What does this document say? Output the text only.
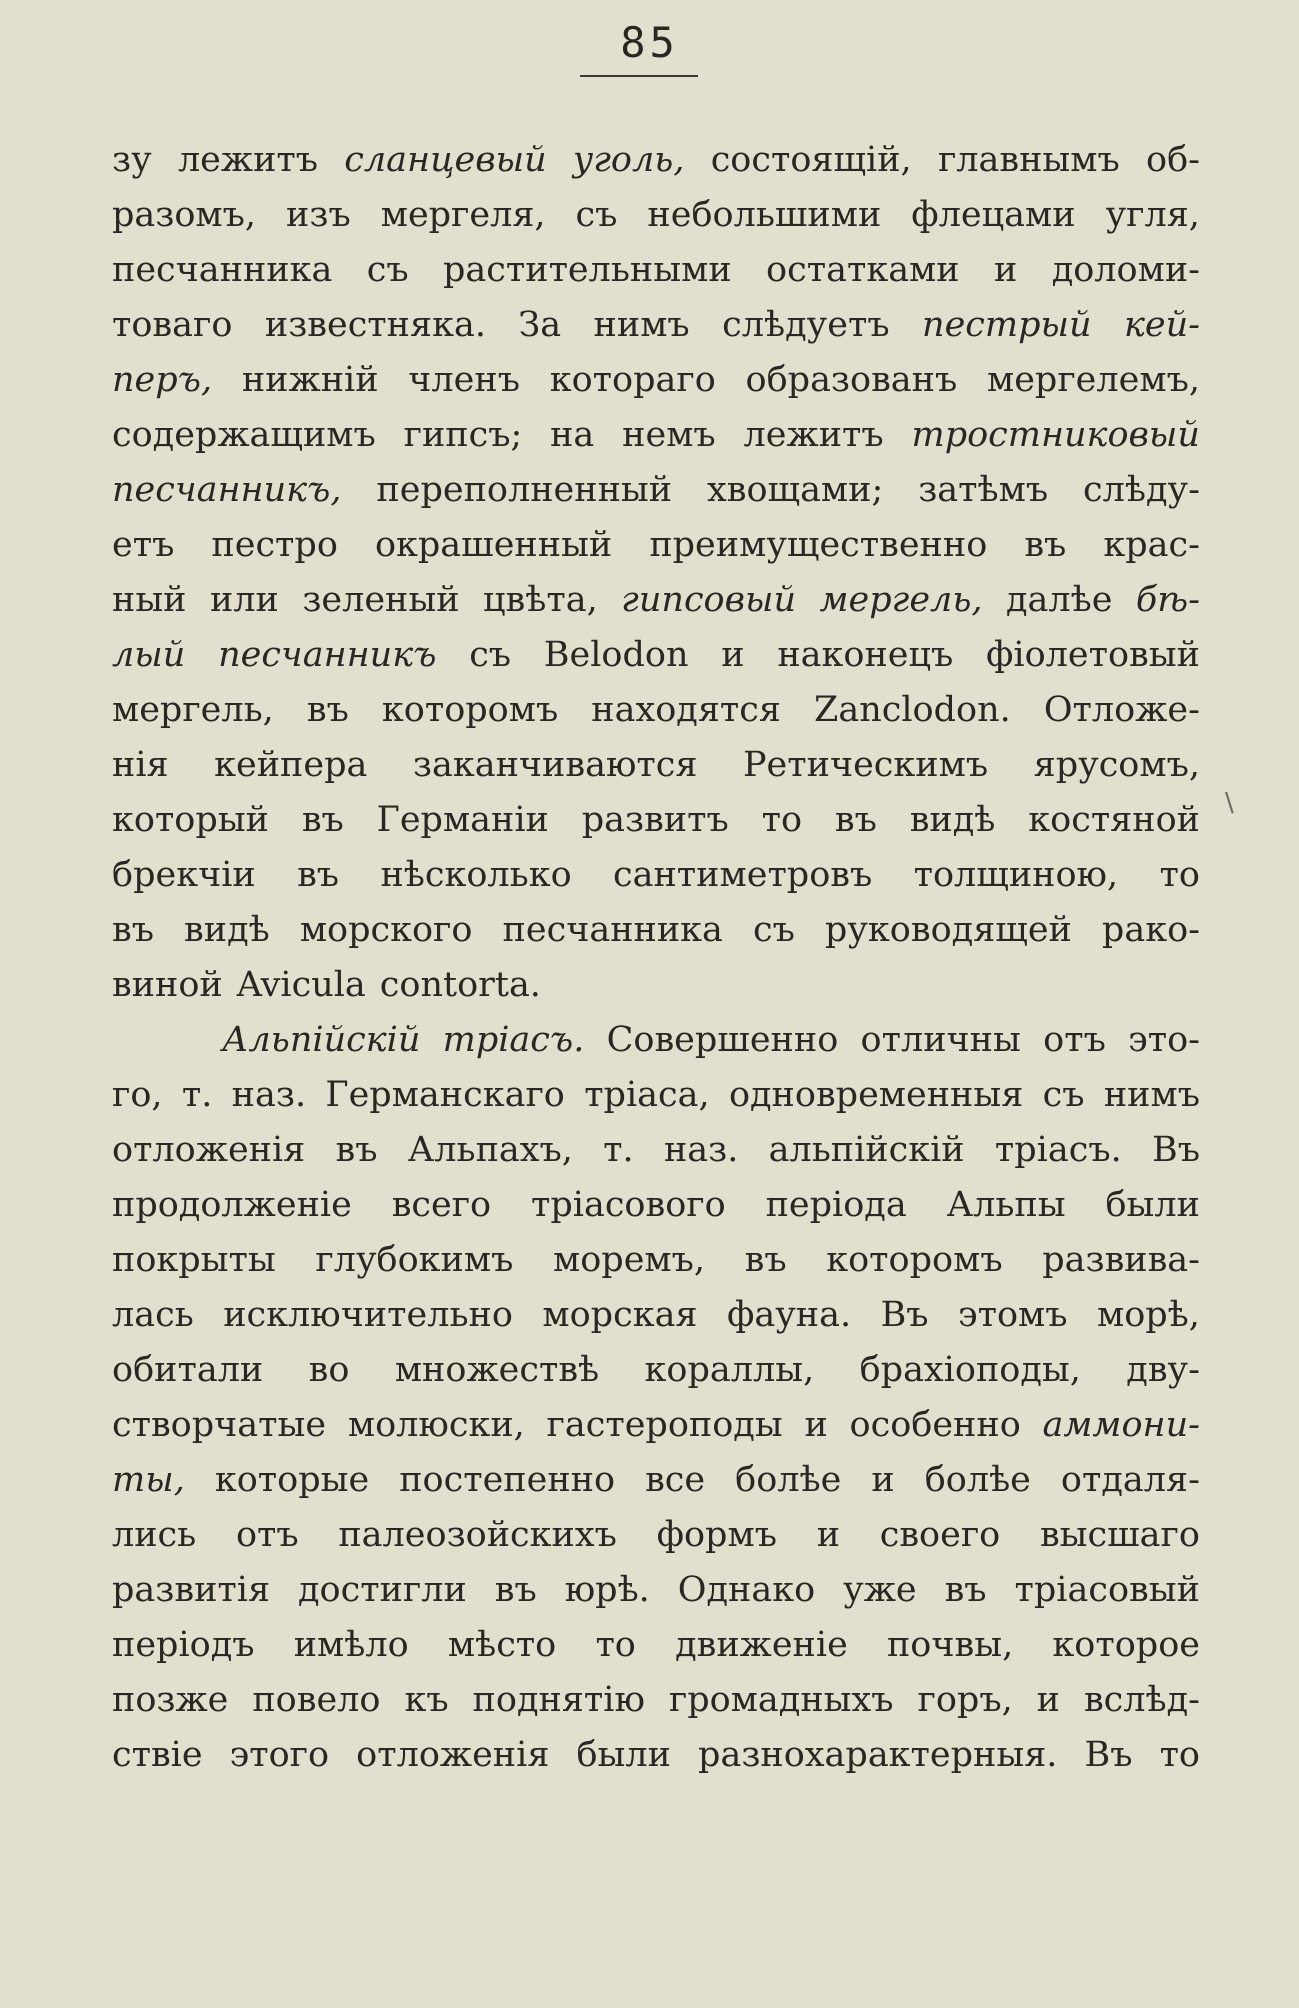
85
зу лежитъ сланцевый уголь, состоящій, главнымъ об-
разомъ, изъ мергеля, съ небольшими флецами угля,
песчанника съ растительными остатками и доломи-
товаго известняка. За нимъ слѣдуетъ пестрый кей-
перъ, нижній членъ котораго образованъ мергелемъ,
содержащимъ гипсъ; на немъ лежитъ тростниковый
песчанникъ, переполненный хвощами; затѣмъ слѣду-
етъ пестро окрашенный преимущественно въ крас-
ный или зеленый цвѣта, гипсовый мергель, далѣе бѣ-
лый песчанникъ съ Belodon и наконецъ фіолетовый
мергель, въ которомъ находятся Zanclodon. Отложе-
нія кейпера заканчиваются Ретическимъ ярусомъ,
который въ Германіи развитъ то въ видѣ костяной
брекчіи въ нѣсколько сантиметровъ толщиною, то
въ видѣ морского песчанника съ руководящей рако-
виной Avicula contorta.
Альпійскій тріасъ. Совершенно отличны отъ это-
го, т. наз. Германскаго тріаса, одновременныя съ нимъ
отложенія въ Альпахъ, т. наз. альпійскій тріасъ. Въ
продолженіе всего тріасового періода Альпы были
покрыты глубокимъ моремъ, въ которомъ развива-
лась исключительно морская фауна. Въ этомъ морѣ,
обитали во множествѣ кораллы, брахіоподы, дву-
створчатые молюски, гастероподы и особенно аммони-
ты, которые постепенно все болѣе и болѣе отдаля-
лись отъ палеозойскихъ формъ и своего высшаго
развитія достигли въ юрѣ. Однако уже въ тріасовый
періодъ имѣло мѣсто то движеніе почвы, которое
позже повело къ поднятію громадныхъ горъ, и вслѣд-
ствіе этого отложенія были разнохарактерныя. Въ то
\
